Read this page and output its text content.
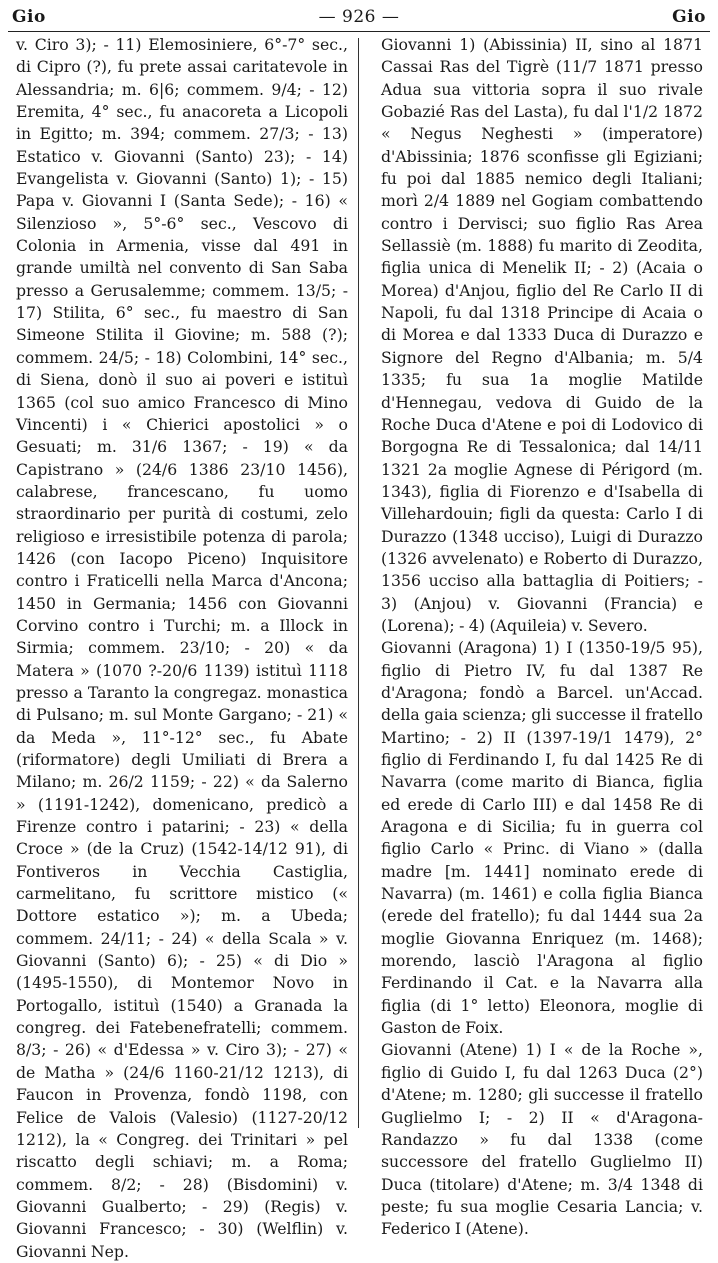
Gio	— 926 —	Gio

v. Ciro 3); - 11) Elemosiniere, 6°-7° sec., di Cipro (?), fu prete assai caritatevole in Alessandria; m. 6|6; commem. 9/4; - 12) Eremita, 4° sec., fu anacoreta a Licopoli in Egitto; m. 394; commem. 27/3; - 13) Estatico v. Giovanni (Santo) 23); - 14) Evangelista v. Giovanni (Santo) 1); - 15) Papa v. Giovanni I (Santa Sede); - 16) « Silenzioso », 5°-6° sec., Vescovo di Colonia in Armenia, visse dal 491 in grande umiltà nel convento di San Saba presso a Gerusalemme; commem. 13/5; - 17) Stilita, 6° sec., fu maestro di San Simeone Stilita il Giovine; m. 588 (?); commem. 24/5; - 18) Colombini, 14° sec., di Siena, donò il suo ai poveri e istituì 1365 (col suo amico Francesco di Mino Vincenti) i « Chierici apostolici » o Gesuati; m. 31/6 1367; - 19) « da Capistrano » (24/6 1386 23/10 1456), calabrese, francescano, fu uomo straordinario per purità di costumi, zelo religioso e irresistibile potenza di parola; 1426 (con Iacopo Piceno) Inquisitore contro i Fraticelli nella Marca d'Ancona; 1450 in Germania; 1456 con Giovanni Corvino contro i Turchi; m. a Illock in Sirmia; commem. 23/10; - 20) « da Matera » (1070 ?-20/6 1139) istituì 1118 presso a Taranto la congregaz. monastica di Pulsano; m. sul Monte Gargano; - 21) « da Meda », 11°-12° sec., fu Abate (riformatore) degli Umiliati di Brera a Milano; m. 26/2 1159; - 22) « da Salerno » (1191-1242), domenicano, predicò a Firenze contro i patarini; - 23) « della Croce » (de la Cruz) (1542-14/12 91), di Fontiveros in Vecchia Castiglia, carmelitano, fu scrittore mistico (« Dottore estatico »); m. a Ubeda; commem. 24/11; - 24) « della Scala » v. Giovanni (Santo) 6); - 25) « di Dio » (1495-1550), di Montemor Novo in Portogallo, istituì (1540) a Granada la congreg. dei Fatebenefratelli; commem. 8/3; - 26) « d'Edessa » v. Ciro 3); - 27) « de Matha » (24/6 1160-21/12 1213), di Faucon in Provenza, fondò 1198, con Felice de Valois (Valesio) (1127-20/12 1212), la « Congreg. dei Trinitari » pel riscatto degli schiavi; m. a Roma; commem. 8/2; - 28) (Bisdomini) v. Giovanni Gualberto; - 29) (Regis) v. Giovanni Francesco; - 30) (Welflin) v. Giovanni Nep.

Giovanni 1) (Abissinia) II, sino al 1871 Cassai Ras del Tigrè (11/7 1871 presso Adua sua vittoria sopra il suo rivale Gobazié Ras del Lasta), fu dal l'1/2 1872 « Negus Neghesti » (imperatore) d'Abissinia; 1876 sconfisse gli Egiziani; fu poi dal 1885 nemico degli Italiani; morì 2/4 1889 nel Gogiam combattendo contro i Dervisci; suo figlio Ras Area Sellassiè (m. 1888) fu marito di Zeodita, figlia unica di Menelik II; - 2) (Acaia o Morea) d'Anjou, figlio del Re Carlo II di Napoli, fu dal 1318 Principe di Acaia o di Morea e dal 1333 Duca di Durazzo e Signore del Regno d'Albania; m. 5/4 1335; fu sua 1a moglie Matilde d'Hennegau, vedova di Guido de la Roche Duca d'Atene e poi di Lodovico di Borgogna Re di Tessalonica; dal 14/11 1321 2a moglie Agnese di Périgord (m. 1343), figlia di Fiorenzo e d'Isabella di Villehardouin; figli da questa: Carlo I di Durazzo (1348 ucciso), Luigi di Durazzo (1326 avvelenato) e Roberto di Durazzo, 1356 ucciso alla battaglia di Poitiers; - 3) (Anjou) v. Giovanni (Francia) e (Lorena); - 4) (Aquileia) v. Severo.
Giovanni (Aragona) 1) I (1350-19/5 95), figlio di Pietro IV, fu dal 1387 Re d'Aragona; fondò a Barcel. un'Accad. della gaia scienza; gli successe il fratello Martino; - 2) II (1397-19/1 1479), 2° figlio di Ferdinando I, fu dal 1425 Re di Navarra (come marito di Bianca, figlia ed erede di Carlo III) e dal 1458 Re di Aragona e di Sicilia; fu in guerra col figlio Carlo « Princ. di Viano » (dalla madre [m. 1441] nominato erede di Navarra) (m. 1461) e colla figlia Bianca (erede del fratello); fu dal 1444 sua 2a moglie Giovanna Enriquez (m. 1468); morendo, lasciò l'Aragona al figlio Ferdinando il Cat. e la Navarra alla figlia (di 1° letto) Eleonora, moglie di Gaston de Foix.
Giovanni (Atene) 1) I « de la Roche », figlio di Guido I, fu dal 1263 Duca (2°) d'Atene; m. 1280; gli successe il fratello Guglielmo I; - 2) II « d'Aragona-Randazzo » fu dal 1338 (come successore del fratello Guglielmo II) Duca (titolare) d'Atene; m. 3/4 1348 di peste; fu sua moglie Cesaria Lancia; v. Federico I (Atene).
